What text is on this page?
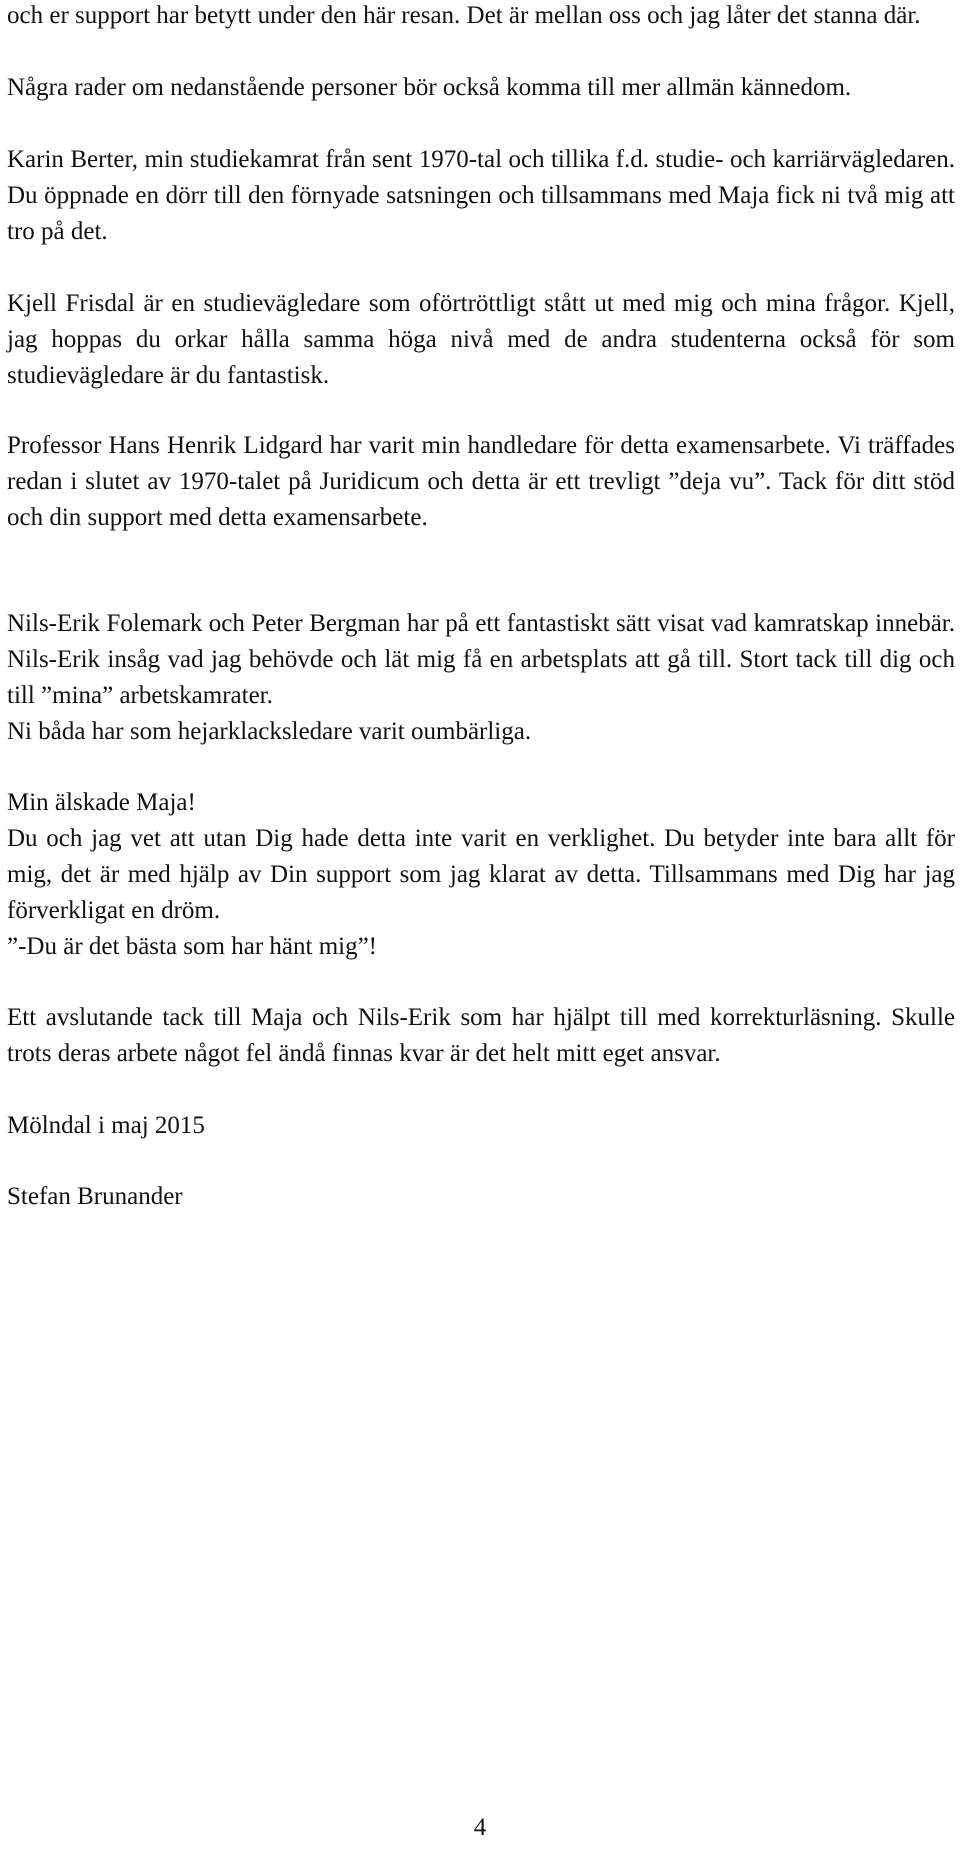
och er support har betytt under den här resan. Det är mellan oss och jag låter det stanna där.

Några rader om nedanstående personer bör också komma till mer allmän kännedom.

Karin Berter, min studiekamrat från sent 1970-tal och tillika f.d. studie- och karriärvägledaren. Du öppnade en dörr till den förnyade satsningen och tillsammans med Maja fick ni två mig att tro på det.

Kjell Frisdal är en studievägledare som oförtröttligt stått ut med mig och mina frågor. Kjell, jag hoppas du orkar hålla samma höga nivå med de andra studenterna också för som studievägledare är du fantastisk.

Professor Hans Henrik Lidgard har varit min handledare för detta examensarbete. Vi träffades redan i slutet av 1970-talet på Juridicum och detta är ett trevligt ”deja vu”. Tack för ditt stöd och din support med detta examensarbete.

Nils-Erik Folemark och Peter Bergman har på ett fantastiskt sätt visat vad kamratskap innebär. Nils-Erik insåg vad jag behövde och lät mig få en arbetsplats att gå till. Stort tack till dig och till ”mina” arbetskamrater.

Ni båda har som hejarklacksledare varit oumbärliga.

Min älskade Maja!

Du och jag vet att utan Dig hade detta inte varit en verklighet. Du betyder inte bara allt för mig, det är med hjälp av Din support som jag klarat av detta. Tillsammans med Dig har jag förverkligat en dröm.

”-Du är det bästa som har hänt mig”!

Ett avslutande tack till Maja och Nils-Erik som har hjälpt till med korrekturläsning. Skulle trots deras arbete något fel ändå finnas kvar är det helt mitt eget ansvar.

Mölndal i maj 2015

Stefan Brunander

4
